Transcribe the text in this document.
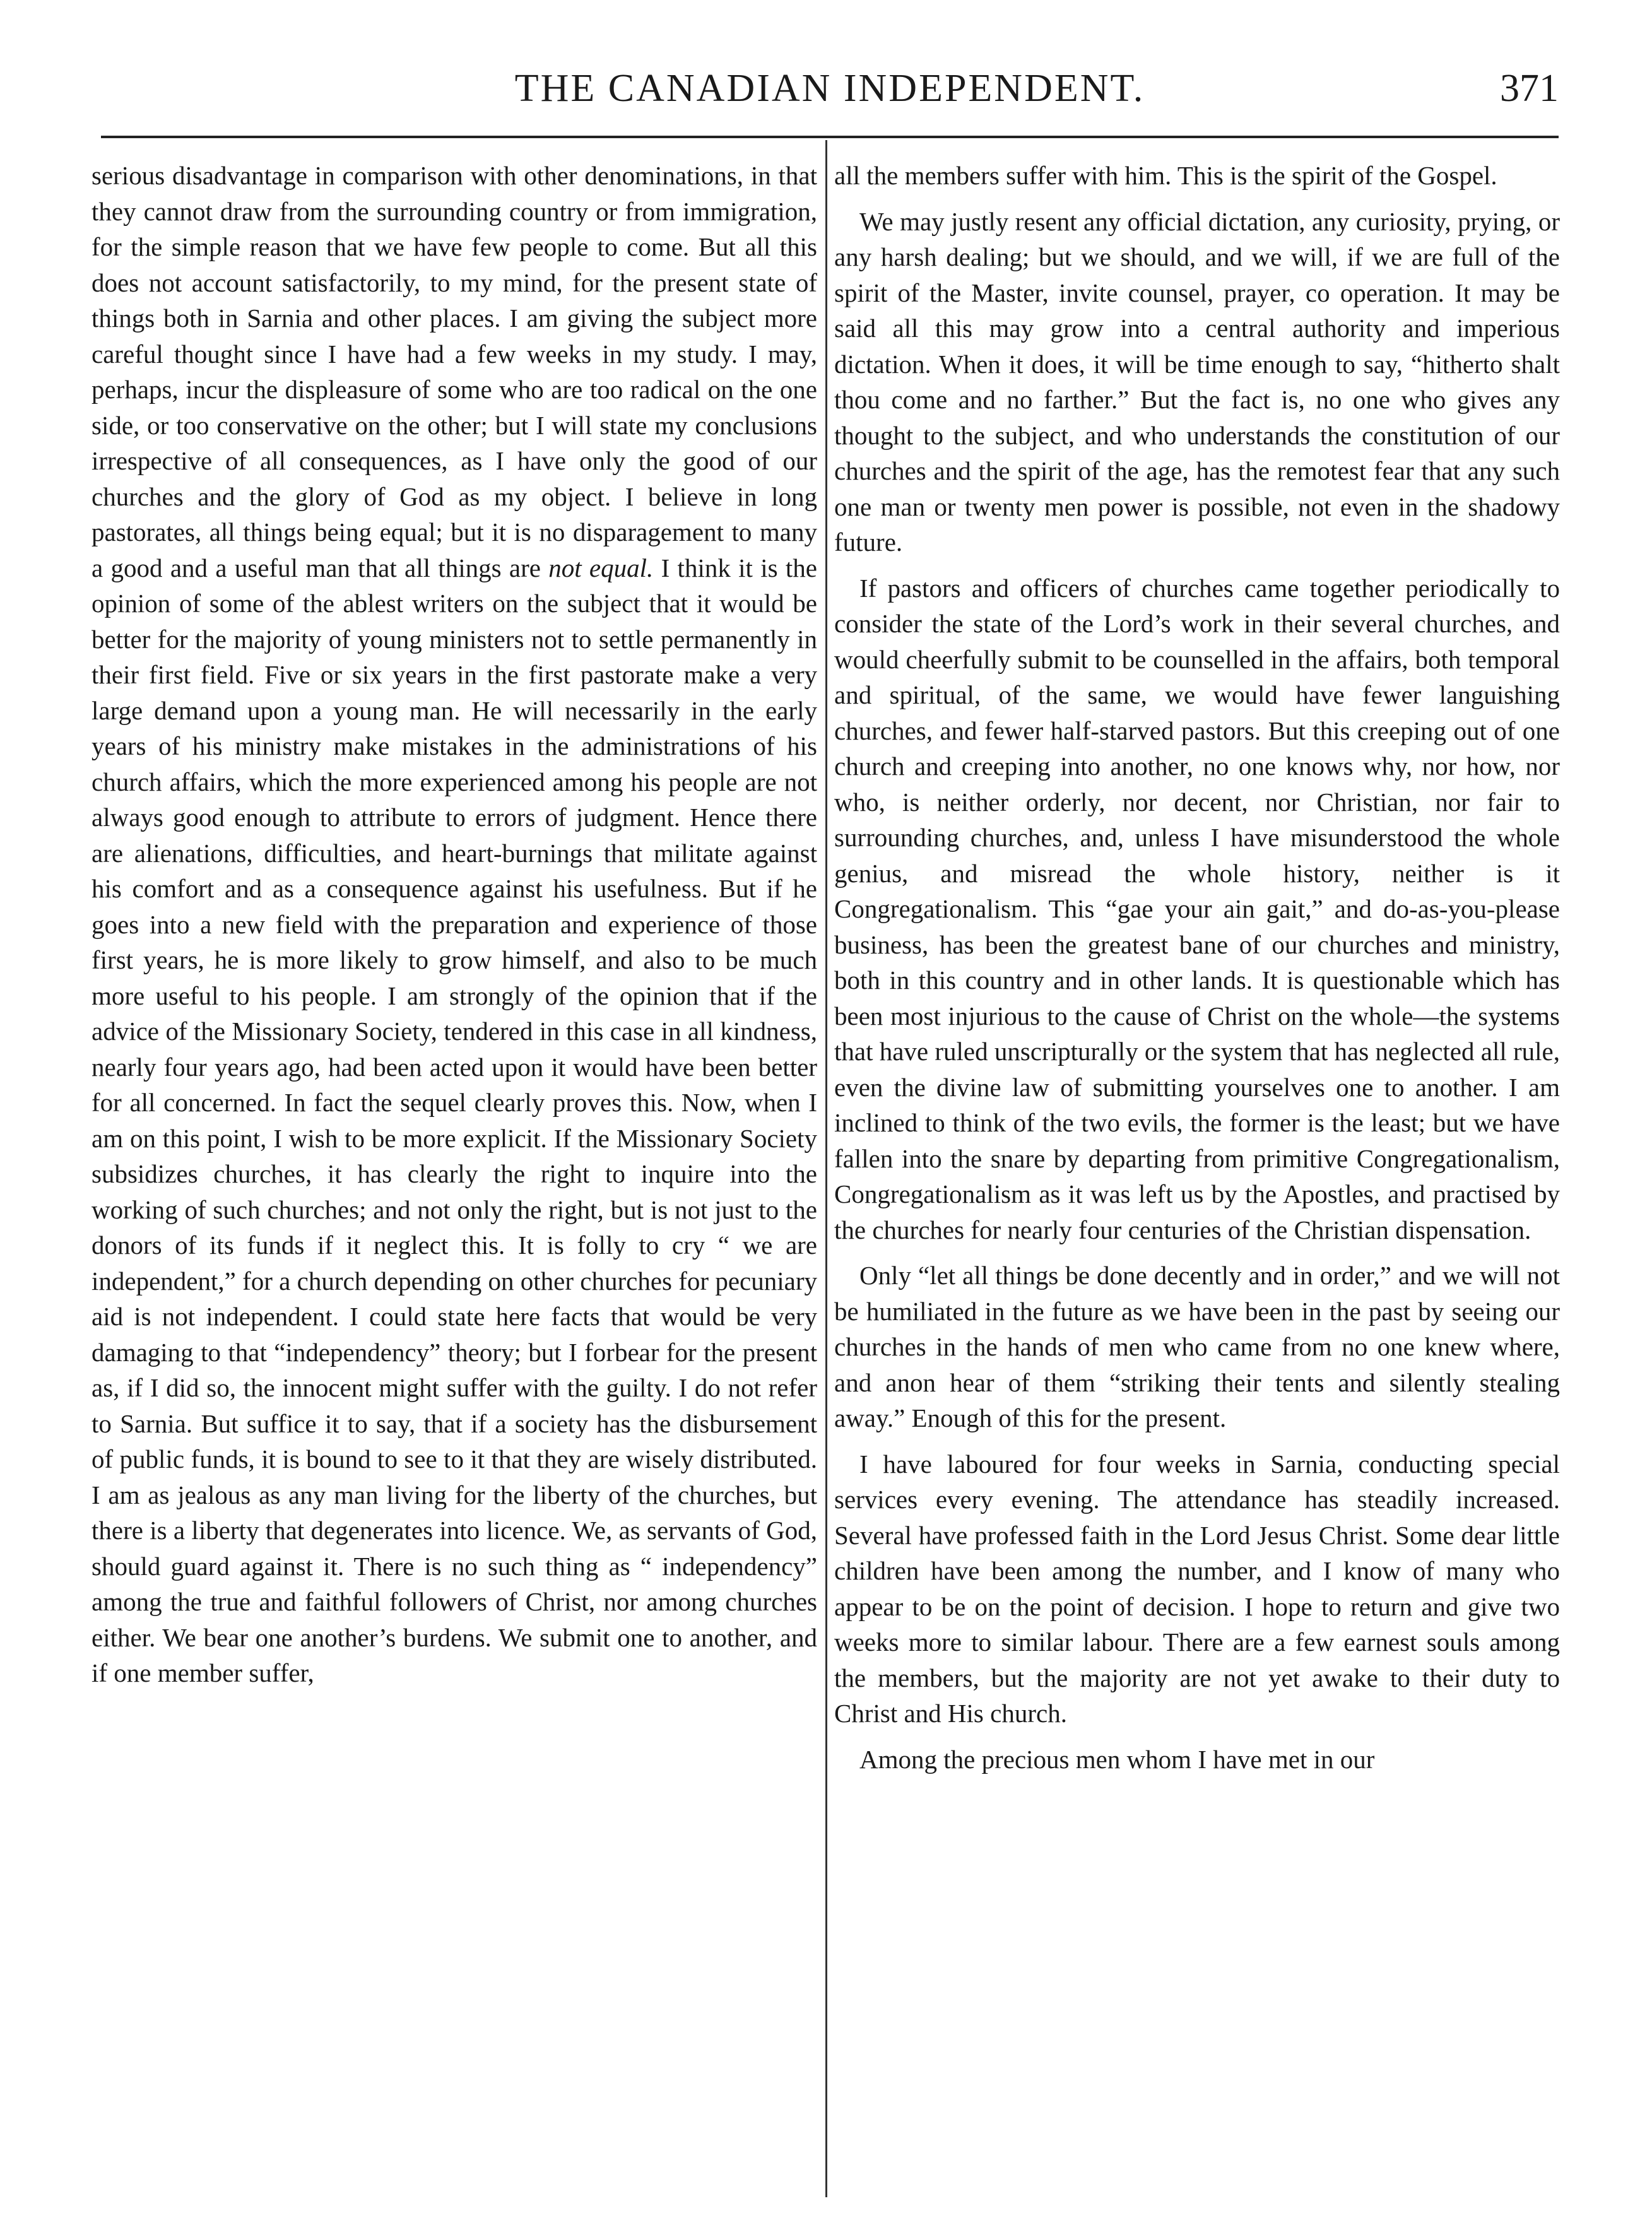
THE CANADIAN INDEPENDENT.	371

serious disadvantage in comparison with other denominations, in that they cannot draw from the surrounding country or from immigration, for the simple reason that we have few people to come. But all this does not account satisfactorily, to my mind, for the present state of things both in Sarnia and other places. I am giving the subject more careful thought since I have had a few weeks in my study. I may, perhaps, incur the displeasure of some who are too radical on the one side, or too conservative on the other; but I will state my conclusions irrespective of all consequences, as I have only the good of our churches and the glory of God as my object. I believe in long pastorates, all things being equal; but it is no disparagement to many a good and a useful man that all things are not equal. I think it is the opinion of some of the ablest writers on the subject that it would be better for the majority of young ministers not to settle permanently in their first field. Five or six years in the first pastorate make a very large demand upon a young man. He will necessarily in the early years of his ministry make mistakes in the administrations of his church affairs, which the more experienced among his people are not always good enough to attribute to errors of judgment. Hence there are alienations, difficulties, and heart-burnings that militate against his comfort and as a consequence against his usefulness. But if he goes into a new field with the preparation and experience of those first years, he is more likely to grow himself, and also to be much more useful to his people. I am strongly of the opinion that if the advice of the Missionary Society, tendered in this case in all kindness, nearly four years ago, had been acted upon it would have been better for all concerned. In fact the sequel clearly proves this. Now, when I am on this point, I wish to be more explicit. If the Missionary Society subsidizes churches, it has clearly the right to inquire into the working of such churches; and not only the right, but is not just to the donors of its funds if it neglect this. It is folly to cry “ we are independent,” for a church depending on other churches for pecuniary aid is not independent. I could state here facts that would be very damaging to that “independency” theory; but I forbear for the present as, if I did so, the innocent might suffer with the guilty. I do not refer to Sarnia. But suffice it to say, that if a society has the disbursement of public funds, it is bound to see to it that they are wisely distributed. I am as jealous as any man living for the liberty of the churches, but there is a liberty that degenerates into licence. We, as servants of God, should guard against it. There is no such thing as “ independency” among the true and faithful followers of Christ, nor among churches either. We bear one another’s burdens. We submit one to another, and if one member suffer,

all the members suffer with him. This is the spirit of the Gospel.

We may justly resent any official dictation, any curiosity, prying, or any harsh dealing; but we should, and we will, if we are full of the spirit of the Master, invite counsel, prayer, co operation. It may be said all this may grow into a central authority and imperious dictation. When it does, it will be time enough to say, “hitherto shalt thou come and no farther.” But the fact is, no one who gives any thought to the subject, and who understands the constitution of our churches and the spirit of the age, has the remotest fear that any such one man or twenty men power is possible, not even in the shadowy future.

If pastors and officers of churches came together periodically to consider the state of the Lord’s work in their several churches, and would cheerfully submit to be counselled in the affairs, both temporal and spiritual, of the same, we would have fewer languishing churches, and fewer half-starved pastors. But this creeping out of one church and creeping into another, no one knows why, nor how, nor who, is neither orderly, nor decent, nor Christian, nor fair to surrounding churches, and, unless I have misunderstood the whole genius, and misread the whole history, neither is it Congregationalism. This “gae your ain gait,” and do-as-you-please business, has been the greatest bane of our churches and ministry, both in this country and in other lands. It is questionable which has been most injurious to the cause of Christ on the whole—the systems that have ruled unscripturally or the system that has neglected all rule, even the divine law of submitting yourselves one to another. I am inclined to think of the two evils, the former is the least; but we have fallen into the snare by departing from primitive Congregationalism, Congregationalism as it was left us by the Apostles, and practised by the churches for nearly four centuries of the Christian dispensation.

Only “let all things be done decently and in order,” and we will not be humiliated in the future as we have been in the past by seeing our churches in the hands of men who came from no one knew where, and anon hear of them “striking their tents and silently stealing away.” Enough of this for the present.

I have laboured for four weeks in Sarnia, conducting special services every evening. The attendance has steadily increased. Several have professed faith in the Lord Jesus Christ. Some dear little children have been among the number, and I know of many who appear to be on the point of decision. I hope to return and give two weeks more to similar labour. There are a few earnest souls among the members, but the majority are not yet awake to their duty to Christ and His church.

Among the precious men whom I have met in our
